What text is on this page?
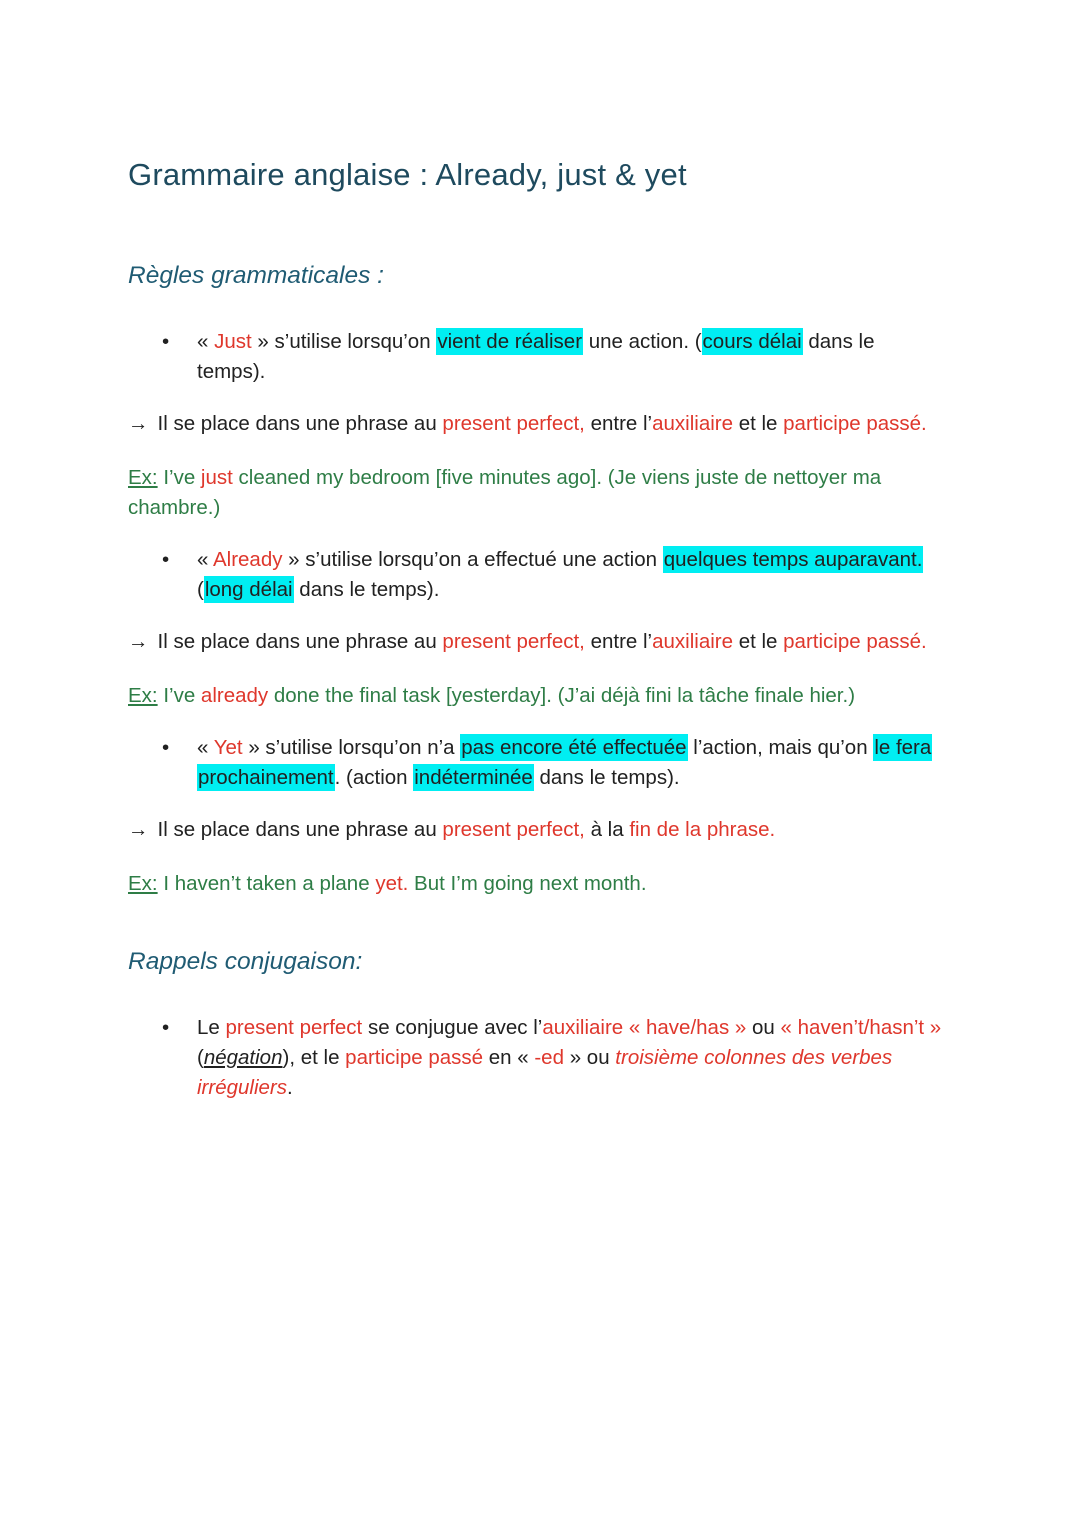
Grammaire anglaise : Already, just & yet
Règles grammaticales :
• « Just » s’utilise lorsqu’on vient de réaliser une action. (cours délai dans le
temps).
→ Il se place dans une phrase au present perfect, entre l’auxiliaire et le participe passé.
Ex: I’ve just cleaned my bedroom [five minutes ago]. (Je viens juste de nettoyer ma
chambre.)
• « Already » s’utilise lorsqu’on a effectué une action quelques temps auparavant.
(long délai dans le temps).
→ Il se place dans une phrase au present perfect, entre l’auxiliaire et le participe passé.
Ex: I’ve already done the final task [yesterday]. (J’ai déjà fini la tâche finale hier.)
• « Yet » s’utilise lorsqu’on n’a pas encore été effectuée l’action, mais qu’on le fera
prochainement. (action indéterminée dans le temps).
→ Il se place dans une phrase au present perfect, à la fin de la phrase.
Ex: I haven’t taken a plane yet. But I’m going next month.
Rappels conjugaison:
• Le present perfect se conjugue avec l’auxiliaire « have/has » ou « haven’t/hasn’t »
(négation), et le participe passé en « -ed » ou troisième colonnes des verbes
irréguliers.
